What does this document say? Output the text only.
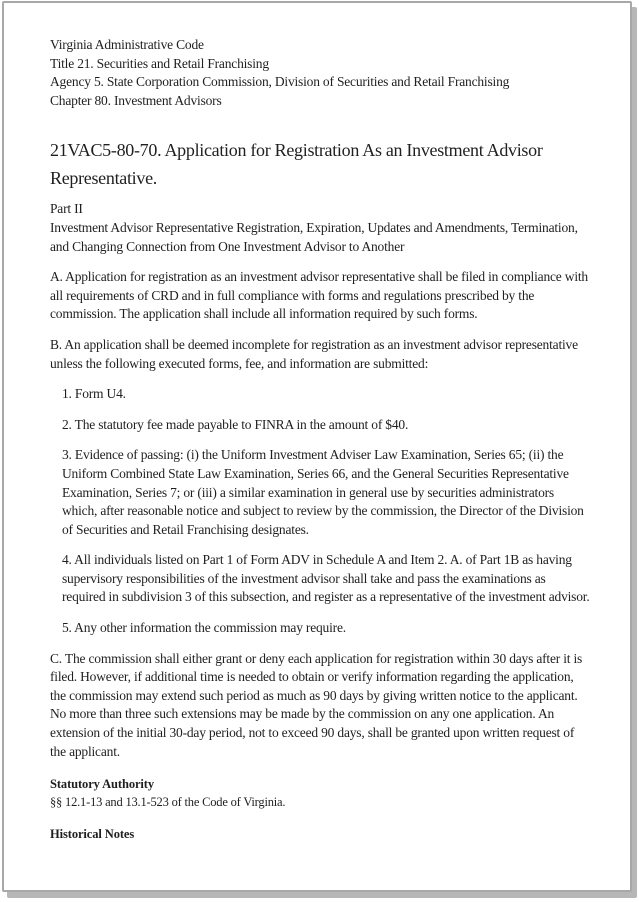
Virginia Administrative Code
Title 21. Securities and Retail Franchising
Agency 5. State Corporation Commission, Division of Securities and Retail Franchising
Chapter 80. Investment Advisors
21VAC5-80-70. Application for Registration As an Investment Advisor Representative.
Part II
Investment Advisor Representative Registration, Expiration, Updates and Amendments, Termination, and Changing Connection from One Investment Advisor to Another

A. Application for registration as an investment advisor representative shall be filed in compliance with all requirements of CRD and in full compliance with forms and regulations prescribed by the commission. The application shall include all information required by such forms.

B. An application shall be deemed incomplete for registration as an investment advisor representative unless the following executed forms, fee, and information are submitted:

1. Form U4.

2. The statutory fee made payable to FINRA in the amount of $40.

3. Evidence of passing: (i) the Uniform Investment Adviser Law Examination, Series 65; (ii) the Uniform Combined State Law Examination, Series 66, and the General Securities Representative Examination, Series 7; or (iii) a similar examination in general use by securities administrators which, after reasonable notice and subject to review by the commission, the Director of the Division of Securities and Retail Franchising designates.

4. All individuals listed on Part 1 of Form ADV in Schedule A and Item 2. A. of Part 1B as having supervisory responsibilities of the investment advisor shall take and pass the examinations as required in subdivision 3 of this subsection, and register as a representative of the investment advisor.

5. Any other information the commission may require.

C. The commission shall either grant or deny each application for registration within 30 days after it is filed. However, if additional time is needed to obtain or verify information regarding the application, the commission may extend such period as much as 90 days by giving written notice to the applicant. No more than three such extensions may be made by the commission on any one application. An extension of the initial 30-day period, not to exceed 90 days, shall be granted upon written request of the applicant.

Statutory Authority

§§ 12.1-13 and 13.1-523 of the Code of Virginia.

Historical Notes
